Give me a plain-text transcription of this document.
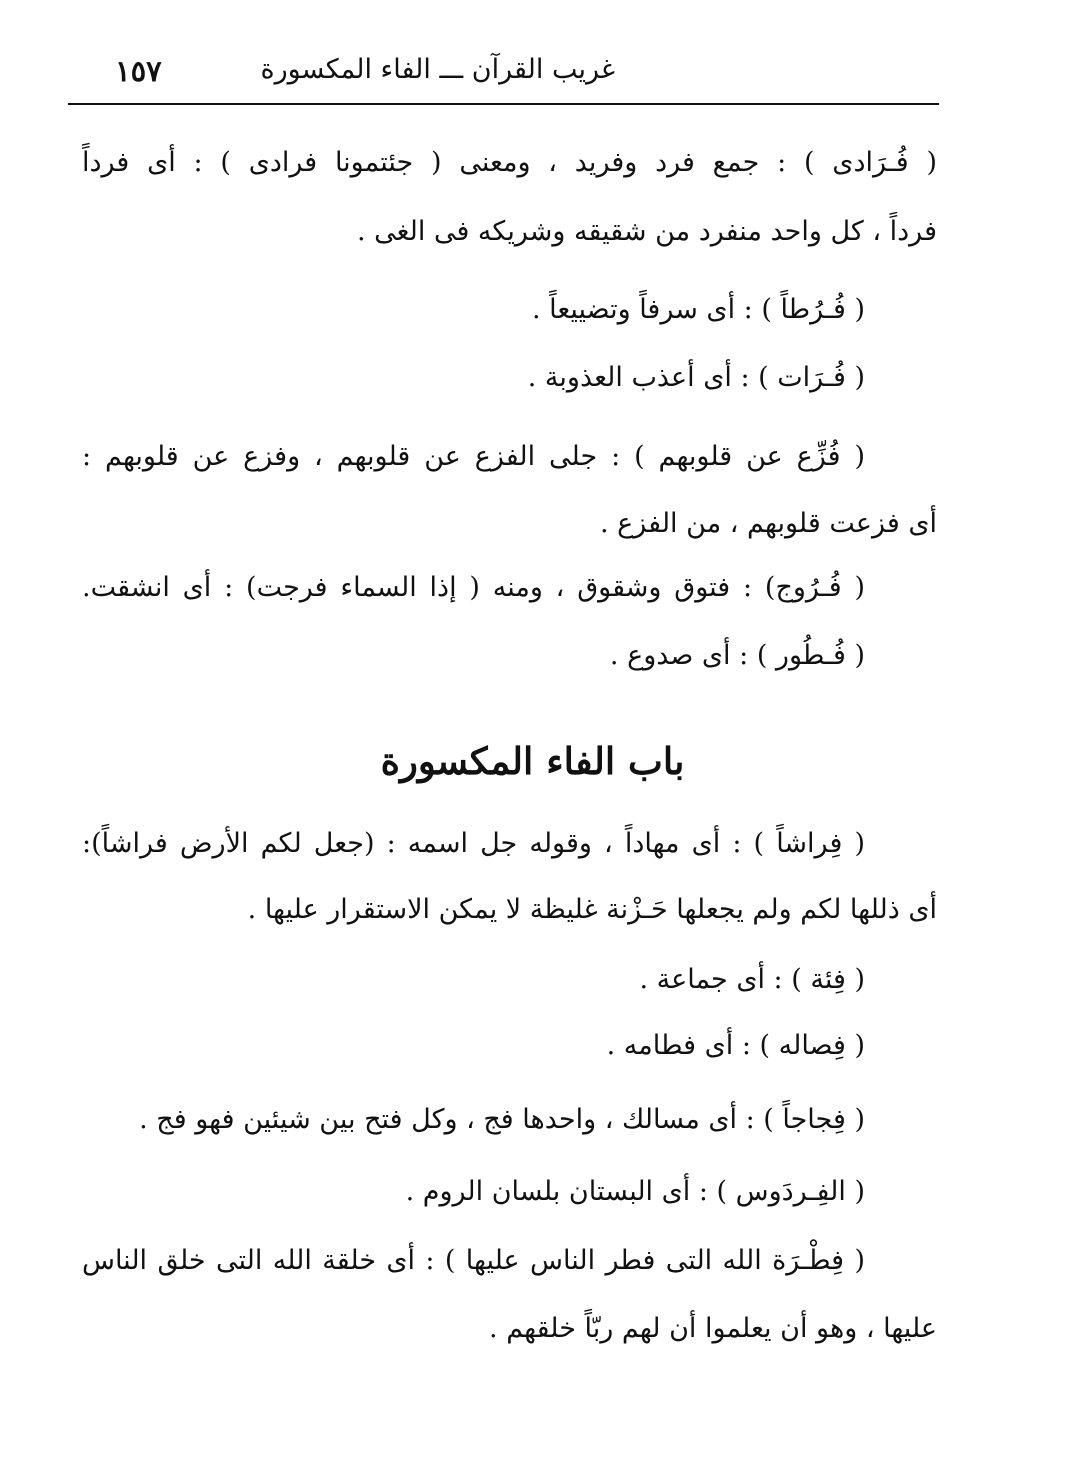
غريب القرآن ـــ الفاء المكسورة
١٥٧
( فُـرَادى ) : جمع فرد وفريد ، ومعنى ( جئتمونا فرادى ) : أى فرداً
فرداً ، كل واحد منفرد من شقيقه وشريكه فى الغى .
( فُـرُطاً ) : أى سرفاً وتضييعاً .
( فُـرَات ) : أى أعذب العذوبة .
( فُزِّع عن قلوبهم ) : جلى الفزع عن قلوبهم ، وفزع عن قلوبهم :
أى فزعت قلوبهم ، من الفزع .
( فُـرُوج) : فتوق وشقوق ، ومنه ( إذا السماء فرجت) : أى انشقت.
( فُـطُور ) : أى صدوع .
باب الفاء المكسورة
( فِراشاً ) : أى مهاداً ، وقوله جل اسمه : (جعل لكم الأرض فراشاً):
أى ذللها لكم ولم يجعلها حَـزْنة غليظة لا يمكن الاستقرار عليها .
( فِئة ) : أى جماعة .
( فِصاله ) : أى فطامه .
( فِجاجاً ) : أى مسالك ، واحدها فج ، وكل فتح بين شيئين فهو فج .
( الفِـردَوس ) : أى البستان بلسان الروم .
( فِطْـرَة الله التى فطر الناس عليها ) : أى خلقة الله التى خلق الناس
عليها ، وهو أن يعلموا أن لهم ربّاً خلقهم .
